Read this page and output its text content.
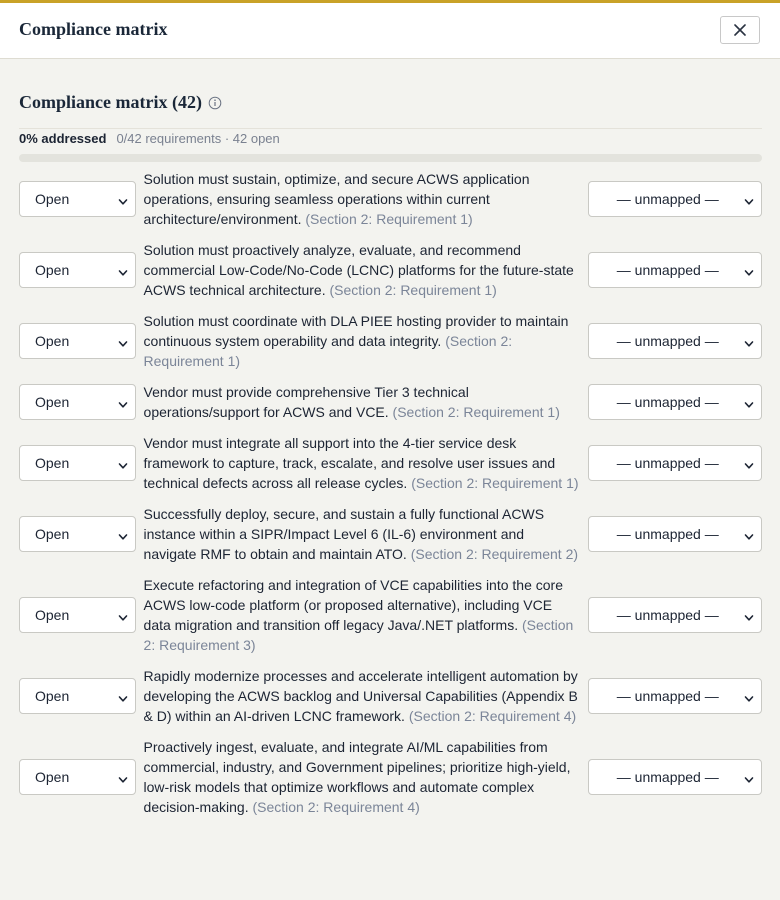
Compliance matrix
Compliance matrix (42)
0% addressed 0/42 requirements · 42 open
Open
Solution must sustain, optimize, and secure ACWS application operations, ensuring seamless operations within current architecture/environment. (Section 2: Requirement 1)
— unmapped —
Open
Solution must proactively analyze, evaluate, and recommend commercial Low-Code/No-Code (LCNC) platforms for the future-state ACWS technical architecture. (Section 2: Requirement 1)
— unmapped —
Open
Solution must coordinate with DLA PIEE hosting provider to maintain continuous system operability and data integrity. (Section 2: Requirement 1)
— unmapped —
Open
Vendor must provide comprehensive Tier 3 technical operations/support for ACWS and VCE. (Section 2: Requirement 1)
— unmapped —
Open
Vendor must integrate all support into the 4-tier service desk framework to capture, track, escalate, and resolve user issues and technical defects across all release cycles. (Section 2: Requirement 1)
— unmapped —
Open
Successfully deploy, secure, and sustain a fully functional ACWS instance within a SIPR/Impact Level 6 (IL-6) environment and navigate RMF to obtain and maintain ATO. (Section 2: Requirement 2)
— unmapped —
Open
Execute refactoring and integration of VCE capabilities into the core ACWS low-code platform (or proposed alternative), including VCE data migration and transition off legacy Java/.NET platforms. (Section 2: Requirement 3)
— unmapped —
Open
Rapidly modernize processes and accelerate intelligent automation by developing the ACWS backlog and Universal Capabilities (Appendix B & D) within an AI-driven LCNC framework. (Section 2: Requirement 4)
— unmapped —
Open
Proactively ingest, evaluate, and integrate AI/ML capabilities from commercial, industry, and Government pipelines; prioritize high-yield, low-risk models that optimize workflows and automate complex decision-making. (Section 2: Requirement 4)
— unmapped —
